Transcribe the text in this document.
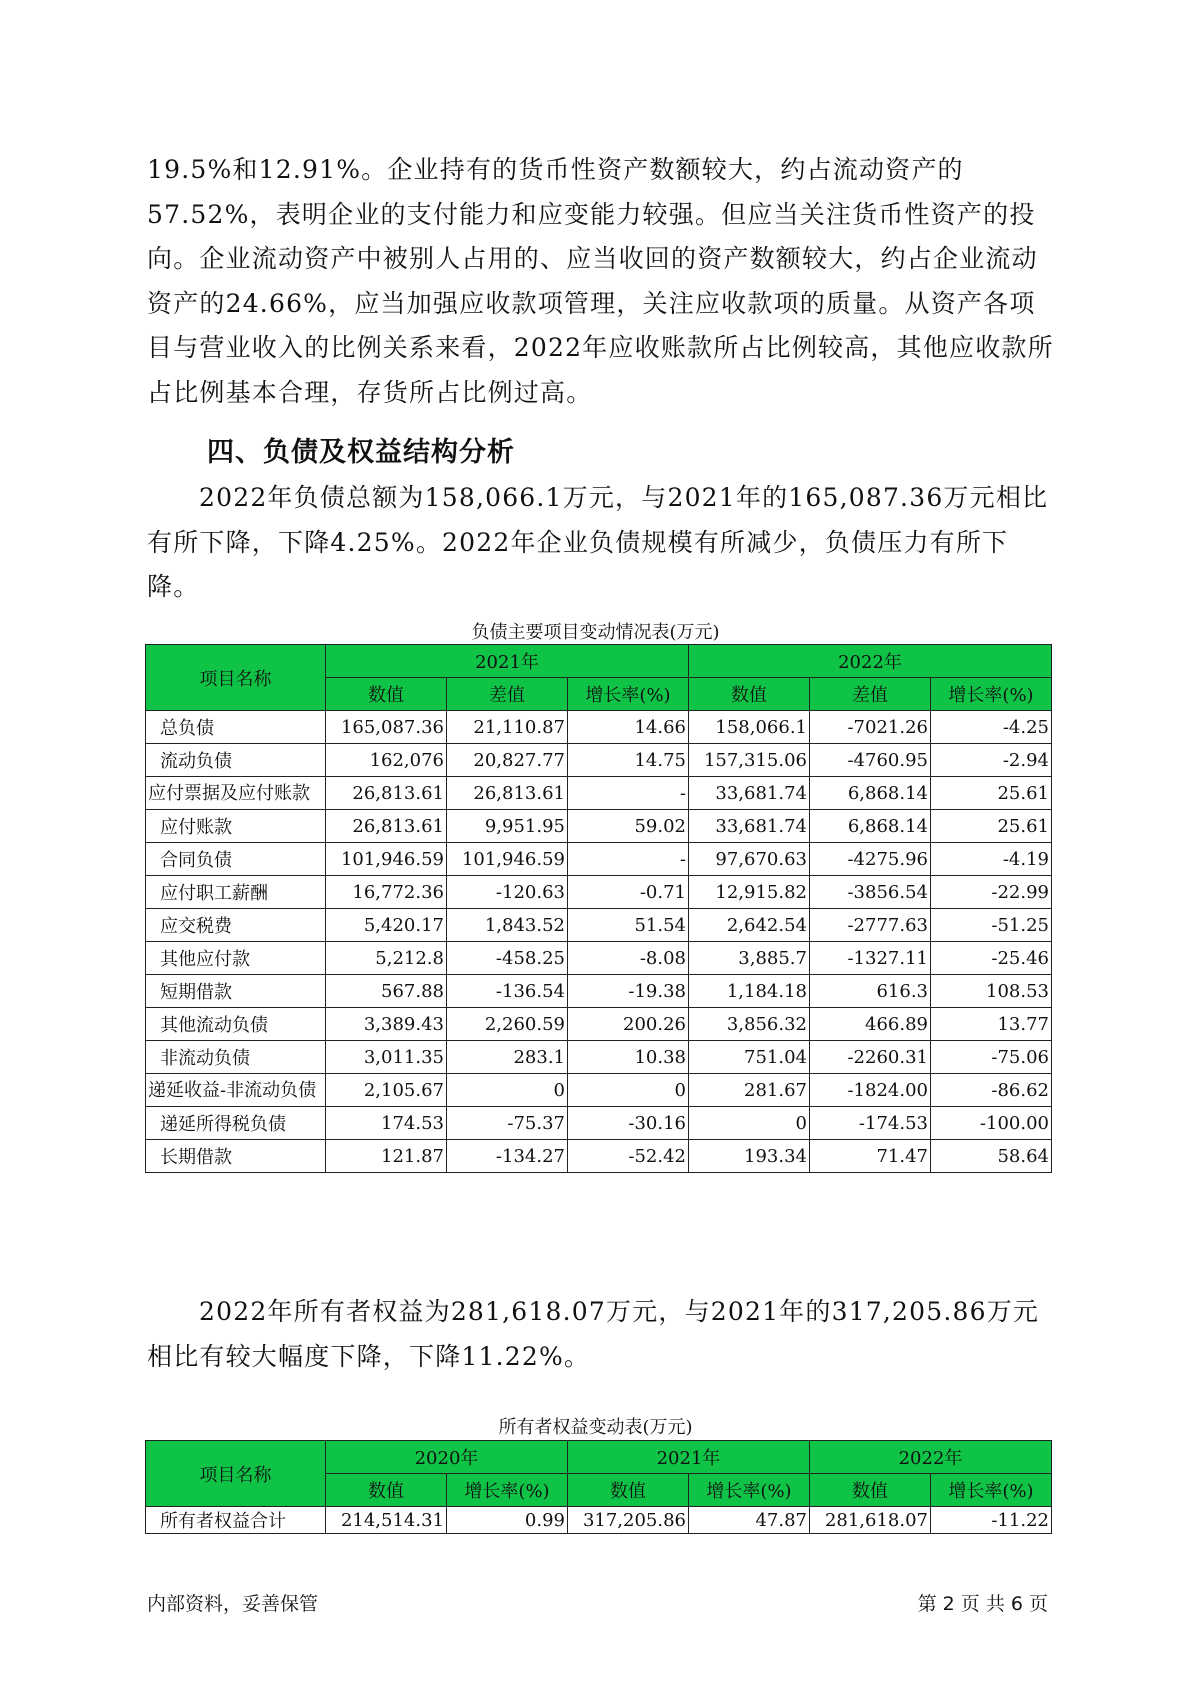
19.5%和12.91%。企业持有的货币性资产数额较大，约占流动资产的57.52%，表明企业的支付能力和应变能力较强。但应当关注货币性资产的投向。企业流动资产中被别人占用的、应当收回的资产数额较大，约占企业流动资产的24.66%，应当加强应收款项管理，关注应收款项的质量。从资产各项目与营业收入的比例关系来看，2022年应收账款所占比例较高，其他应收款所占比例基本合理，存货所占比例过高。

四、负债及权益结构分析

2022年负债总额为158,066.1万元，与2021年的165,087.36万元相比有所下降，下降4.25%。2022年企业负债规模有所减少，负债压力有所下降。

负债主要项目变动情况表(万元)
项目名称	2021年			2022年		
	数值	差值	增长率(%)	数值	差值	增长率(%)
总负债	165,087.36	21,110.87	14.66	158,066.1	-7021.26	-4.25
流动负债	162,076	20,827.77	14.75	157,315.06	-4760.95	-2.94
应付票据及应付账款	26,813.61	26,813.61	-	33,681.74	6,868.14	25.61
应付账款	26,813.61	9,951.95	59.02	33,681.74	6,868.14	25.61
合同负债	101,946.59	101,946.59	-	97,670.63	-4275.96	-4.19
应付职工薪酬	16,772.36	-120.63	-0.71	12,915.82	-3856.54	-22.99
应交税费	5,420.17	1,843.52	51.54	2,642.54	-2777.63	-51.25
其他应付款	5,212.8	-458.25	-8.08	3,885.7	-1327.11	-25.46
短期借款	567.88	-136.54	-19.38	1,184.18	616.3	108.53
其他流动负债	3,389.43	2,260.59	200.26	3,856.32	466.89	13.77
非流动负债	3,011.35	283.1	10.38	751.04	-2260.31	-75.06
递延收益-非流动负债	2,105.67	0	0	281.67	-1824.00	-86.62
递延所得税负债	174.53	-75.37	-30.16	0	-174.53	-100.00
长期借款	121.87	-134.27	-52.42	193.34	71.47	58.64

2022年所有者权益为281,618.07万元，与2021年的317,205.86万元相比有较大幅度下降，下降11.22%。

所有者权益变动表(万元)
项目名称	2020年		2021年		2022年	
	数值	增长率(%)	数值	增长率(%)	数值	增长率(%)
所有者权益合计	214,514.31	0.99	317,205.86	47.87	281,618.07	-11.22
内部资料，妥善保管	第 2 页 共 6 页
